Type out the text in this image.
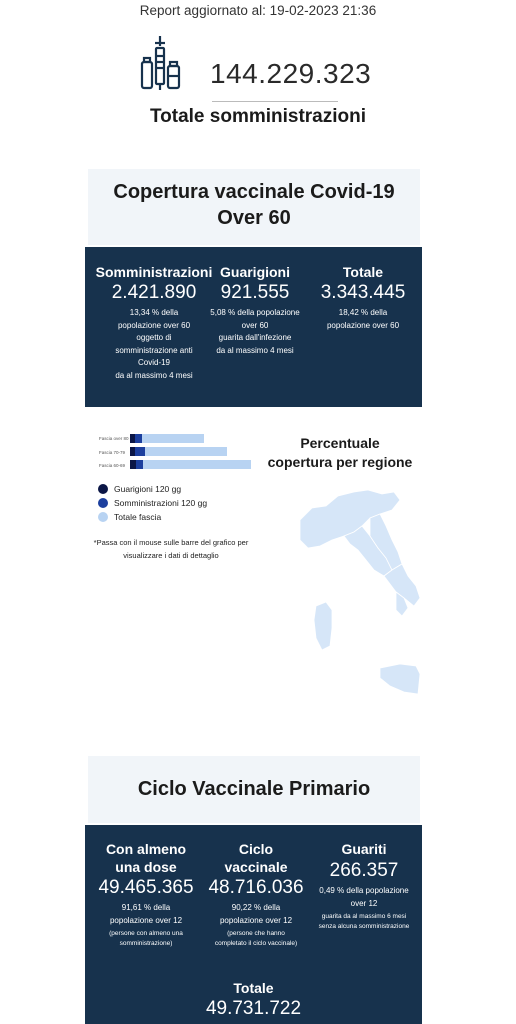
Report aggiornato al: 19-02-2023 21:36
144.229.323
Totale somministrazioni
Copertura vaccinale Covid-19
Over 60
Somministrazioni
2.421.890
13,34 % della
popolazione over 60
oggetto di
somministrazione anti
Covid-19
da al massimo 4 mesi
Guarigioni
921.555
5,08 % della popolazione
over 60
guarita dall'infezione
da al massimo 4 mesi
Totale
3.343.445
18,42 % della
popolazione over 60
Fascia over 80
Fascia 70-79
Fascia 60-69
Guarigioni 120 gg
Somministrazioni 120 gg
Totale fascia
*Passa con il mouse sulle barre del grafico per
visualizzare i dati di dettaglio
Percentuale
copertura per regione
Ciclo Vaccinale Primario
Con almeno
una dose
49.465.365
91,61 % della
popolazione over 12
(persone con almeno una
somministrazione)
Ciclo
vaccinale
48.716.036
90,22 % della
popolazione over 12
(persone che hanno
completato il ciclo vaccinale)
Guariti
266.357
0,49 % della popolazione
over 12
guarita da al massimo 6 mesi
senza alcuna somministrazione
Totale
49.731.722
